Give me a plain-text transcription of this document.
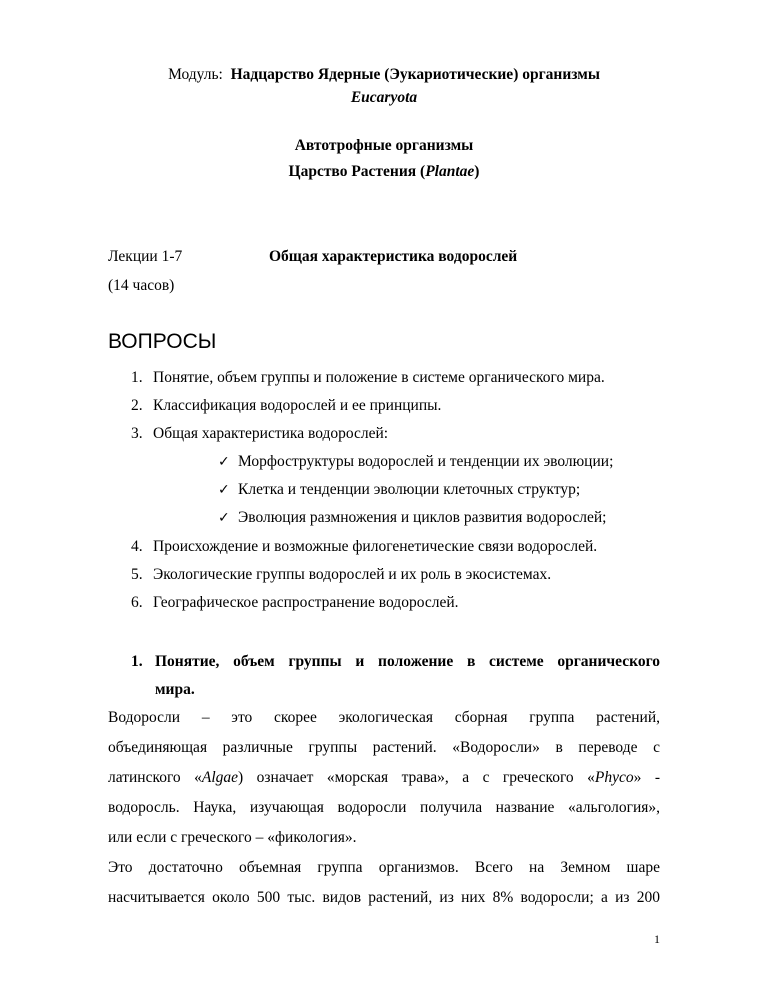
Модуль: Надцарство Ядерные (Эукариотические) организмы
Eucaryota
Автотрофные организмы
Царство Растения (Plantae)
Лекции 1-7	Общая характеристика водорослей
(14 часов)
ВОПРОСЫ
1. Понятие, объем группы и положение в системе органического мира.
2. Классификация водорослей и ее принципы.
3. Общая характеристика водорослей:
✓ Морфоструктуры водорослей и тенденции их эволюции;
✓ Клетка и тенденции эволюции клеточных структур;
✓ Эволюция размножения и циклов развития водорослей;
4. Происхождение и возможные филогенетические связи водорослей.
5. Экологические группы водорослей и их роль в экосистемах.
6. Географическое распространение водорослей.
1. Понятие, объем группы и положение в системе органического
мира.
Водоросли – это скорее экологическая сборная группа растений,
объединяющая различные группы растений. «Водоросли» в переводе с
латинского «Algae) означает «морская трава», а с греческого «Phyco» -
водоросль. Наука, изучающая водоросли получила название «альгология»,
или если с греческого – «фикология».
Это достаточно объемная группа организмов. Всего на Земном шаре
насчитывается около 500 тыс. видов растений, из них 8% водоросли; а из 200
1
